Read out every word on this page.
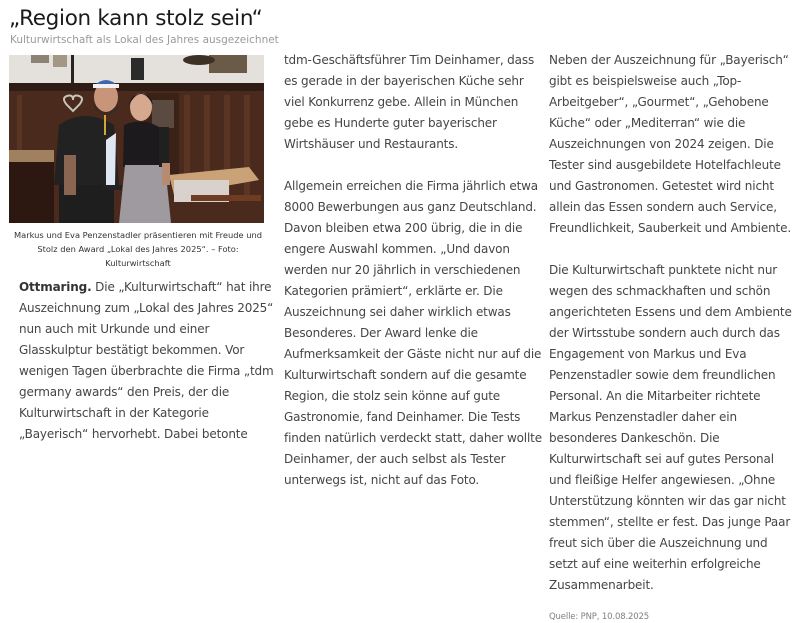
„Region kann stolz sein“
Kulturwirtschaft als Lokal des Jahres ausgezeichnet
Markus und Eva Penzenstadler präsentieren mit Freude und Stolz den Award „Lokal des Jahres 2025“. – Foto: Kulturwirtschaft

Ottmaring. Die „Kulturwirtschaft“ hat ihre Auszeichnung zum „Lokal des Jahres 2025“ nun auch mit Urkunde und einer Glasskulptur bestätigt bekommen. Vor wenigen Tagen überbrachte die Firma „tdm germany awards“ den Preis, der die Kulturwirtschaft in der Kategorie „Bayerisch“ hervorhebt. Dabei betonte

tdm-Geschäftsführer Tim Deinhamer, dass es gerade in der bayerischen Küche sehr viel Konkurrenz gebe. Allein in München gebe es Hunderte guter bayerischer Wirtshäuser und Restaurants.

Allgemein erreichen die Firma jährlich etwa 8000 Bewerbungen aus ganz Deutschland. Davon bleiben etwa 200 übrig, die in die engere Auswahl kommen. „Und davon werden nur 20 jährlich in verschiedenen Kategorien prämiert“, erklärte er. Die Auszeichnung sei daher wirklich etwas Besonderes. Der Award lenke die Aufmerksamkeit der Gäste nicht nur auf die Kulturwirtschaft sondern auf die gesamte Region, die stolz sein könne auf gute Gastronomie, fand Deinhamer. Die Tests finden natürlich verdeckt statt, daher wollte Deinhamer, der auch selbst als Tester unterwegs ist, nicht auf das Foto.

Neben der Auszeichnung für „Bayerisch“ gibt es beispielsweise auch „Top-Arbeitgeber“, „Gourmet“, „Gehobene Küche“ oder „Mediterran“ wie die Auszeichnungen von 2024 zeigen. Die Tester sind ausgebildete Hotelfachleute und Gastronomen. Getestet wird nicht allein das Essen sondern auch Service, Freundlichkeit, Sauberkeit und Ambiente.

Die Kulturwirtschaft punktete nicht nur wegen des schmackhaften und schön angerichteten Essens und dem Ambiente der Wirtsstube sondern auch durch das Engagement von Markus und Eva Penzenstadler sowie dem freundlichen Personal. An die Mitarbeiter richtete Markus Penzenstadler daher ein besonderes Dankeschön. Die Kulturwirtschaft sei auf gutes Personal und fleißige Helfer angewiesen. „Ohne Unterstützung könnten wir das gar nicht stemmen“, stellte er fest. Das junge Paar freut sich über die Auszeichnung und setzt auf eine weiterhin erfolgreiche Zusammenarbeit.

Quelle: PNP, 10.08.2025
